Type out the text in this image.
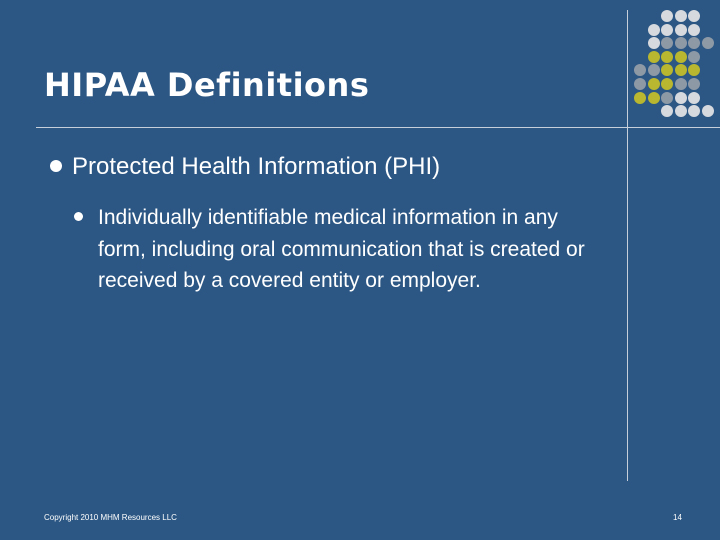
HIPAA Definitions
Protected Health Information (PHI)
Individually identifiable medical information in any form, including oral communication that is created or received by a covered entity or employer.
Copyright 2010 MHM Resources LLC	14
